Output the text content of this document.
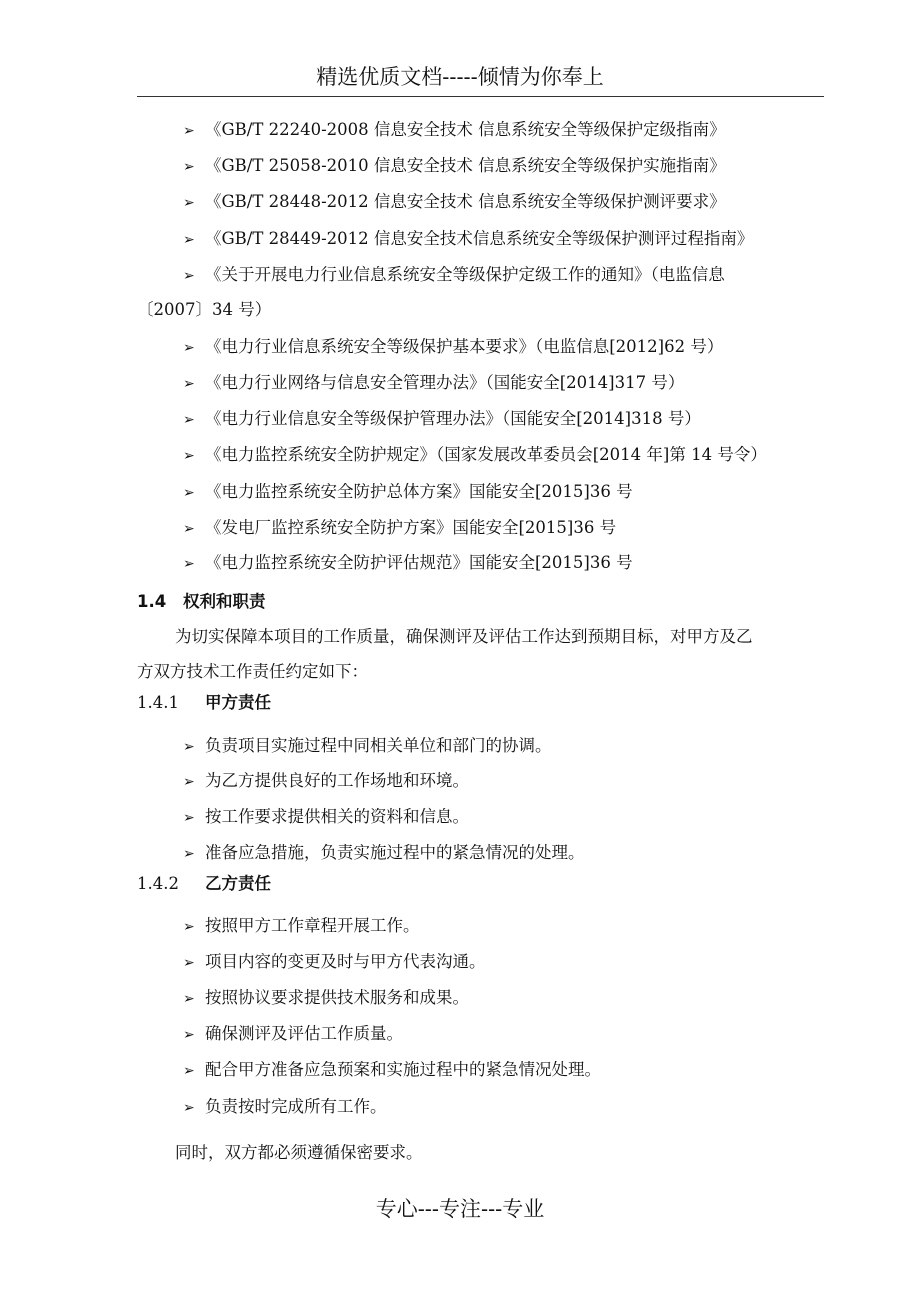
精选优质文档-----倾情为你奉上
➢ 《GB/T 22240-2008 信息安全技术 信息系统安全等级保护定级指南》
➢ 《GB/T 25058-2010 信息安全技术 信息系统安全等级保护实施指南》
➢ 《GB/T 28448-2012 信息安全技术 信息系统安全等级保护测评要求》
➢ 《GB/T 28449-2012 信息安全技术信息系统安全等级保护测评过程指南》
➢ 《关于开展电力行业信息系统安全等级保护定级工作的通知》（电监信息
〔2007〕34 号）
➢ 《电力行业信息系统安全等级保护基本要求》（电监信息[2012]62 号）
➢ 《电力行业网络与信息安全管理办法》（国能安全[2014]317 号）
➢ 《电力行业信息安全等级保护管理办法》（国能安全[2014]318 号）
➢ 《电力监控系统安全防护规定》（国家发展改革委员会[2014 年]第 14 号令）
➢ 《电力监控系统安全防护总体方案》国能安全[2015]36 号
➢ 《发电厂监控系统安全防护方案》国能安全[2015]36 号
➢ 《电力监控系统安全防护评估规范》国能安全[2015]36 号
1.4 权利和职责
为切实保障本项目的工作质量，确保测评及评估工作达到预期目标，对甲方及乙
方双方技术工作责任约定如下：
1.4.1 甲方责任
➢ 负责项目实施过程中同相关单位和部门的协调。
➢ 为乙方提供良好的工作场地和环境。
➢ 按工作要求提供相关的资料和信息。
➢ 准备应急措施，负责实施过程中的紧急情况的处理。
1.4.2 乙方责任
➢ 按照甲方工作章程开展工作。
➢ 项目内容的变更及时与甲方代表沟通。
➢ 按照协议要求提供技术服务和成果。
➢ 确保测评及评估工作质量。
➢ 配合甲方准备应急预案和实施过程中的紧急情况处理。
➢ 负责按时完成所有工作。
同时，双方都必须遵循保密要求。
专心---专注---专业
